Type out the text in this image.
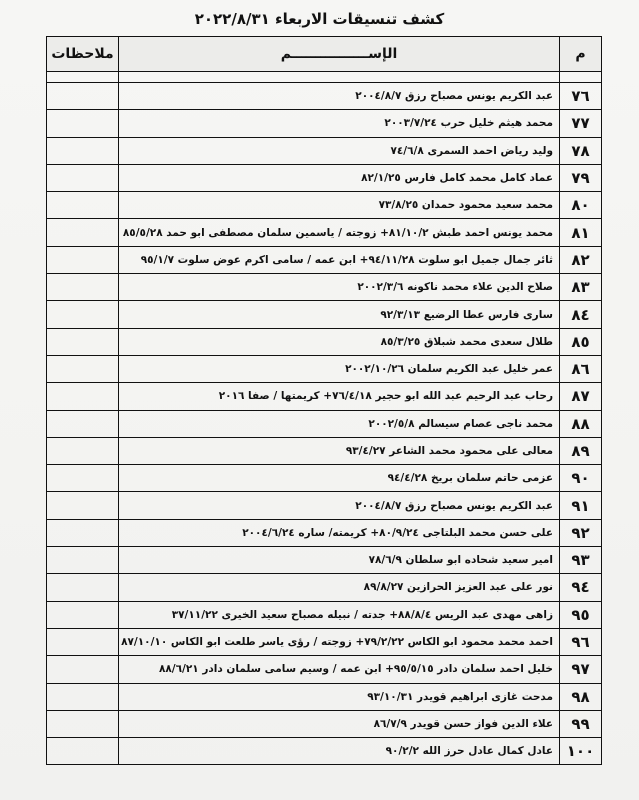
كشف تنسيقات الاربعاء ٢٠٢٢/٨/٣١
م	الإســــــــــــــــم	ملاحظات

٧٦	عبد الكريم يونس مصباح رزق ٢٠٠٤/٨/٧	
٧٧	محمد هيثم خليل حرب ٢٠٠٣/٧/٢٤	
٧٨	وليد رياض احمد السمرى ٧٤/٦/٨	
٧٩	عماد كامل محمد كامل فارس ٨٢/١/٢٥	
٨٠	محمد سعيد محمود حمدان ٧٣/٨/٢٥	
٨١	محمد يونس احمد طبش ٨١/١٠/٢+ زوجته / ياسمين سلمان مصطفى ابو حمد ٨٥/٥/٢٨	
٨٢	ثائر جمال جميل ابو سلوت ٩٤/١١/٢٨+ ابن عمه / سامى اكرم عوض سلوت ٩٥/١/٧	
٨٣	صلاح الدين علاء محمد ناكونه ٢٠٠٢/٣/٦	
٨٤	سارى فارس عطا الرضيع ٩٢/٣/١٣	
٨٥	طلال سعدى محمد شبلاق ٨٥/٣/٢٥	
٨٦	عمر خليل عبد الكريم سلمان ٢٠٠٢/١٠/٢٦	
٨٧	رحاب عبد الرحيم عبد الله ابو حجير ٧٦/٤/١٨+ كريمتها / صفا ٢٠١٦	
٨٨	محمد ناجى عصام سيسالم ٢٠٠٢/٥/٨	
٨٩	معالى على محمود محمد الشاعر ٩٣/٤/٢٧	
٩٠	عزمى حاتم سلمان بريخ ٩٤/٤/٢٨	
٩١	عبد الكريم يونس مصباح رزق ٢٠٠٤/٨/٧	
٩٢	على حسن محمد البلتاجى ٨٠/٩/٢٤+ كريمته/ ساره ٢٠٠٤/٦/٢٤	
٩٣	امير سعيد شحاده ابو سلطان ٧٨/٦/٩	
٩٤	نور على عبد العزيز الحرازين ٨٩/٨/٢٧	
٩٥	زاهى مهدى عبد الريس ٨٨/٨/٤+ جدته / نبيله مصباح سعيد الخيرى ٣٧/١١/٢٢	
٩٦	احمد محمد محمود ابو الكاس ٧٩/٢/٢٢+ زوجته / رؤى ياسر طلعت ابو الكاس ٨٧/١٠/١٠	
٩٧	خليل احمد سلمان دادر ٩٥/٥/١٥+ ابن عمه / وسيم سامى سلمان دادر ٨٨/٦/٢١	
٩٨	مدحت غازى ابراهيم قويدر ٩٣/١٠/٣١	
٩٩	علاء الدين فواز حسن قويدر ٨٦/٧/٩	
١٠٠	عادل كمال عادل حرز الله ٩٠/٢/٢	
